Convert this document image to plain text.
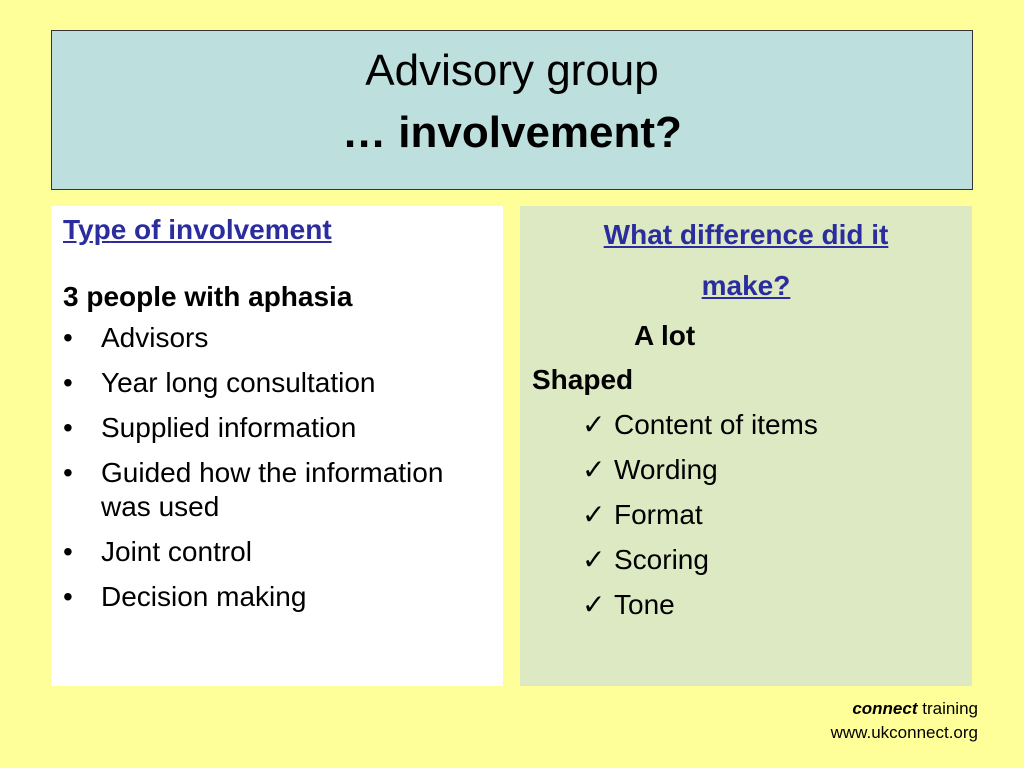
Advisory group
… involvement?
Type of involvement
3 people with aphasia
• Advisors
• Year long consultation
• Supplied information
• Guided how the information was used
• Joint control
• Decision making
What difference did it
make?
A lot
Shaped
✓ Content of items
✓ Wording
✓ Format
✓ Scoring
✓ Tone
connect training
www.ukconnect.org
